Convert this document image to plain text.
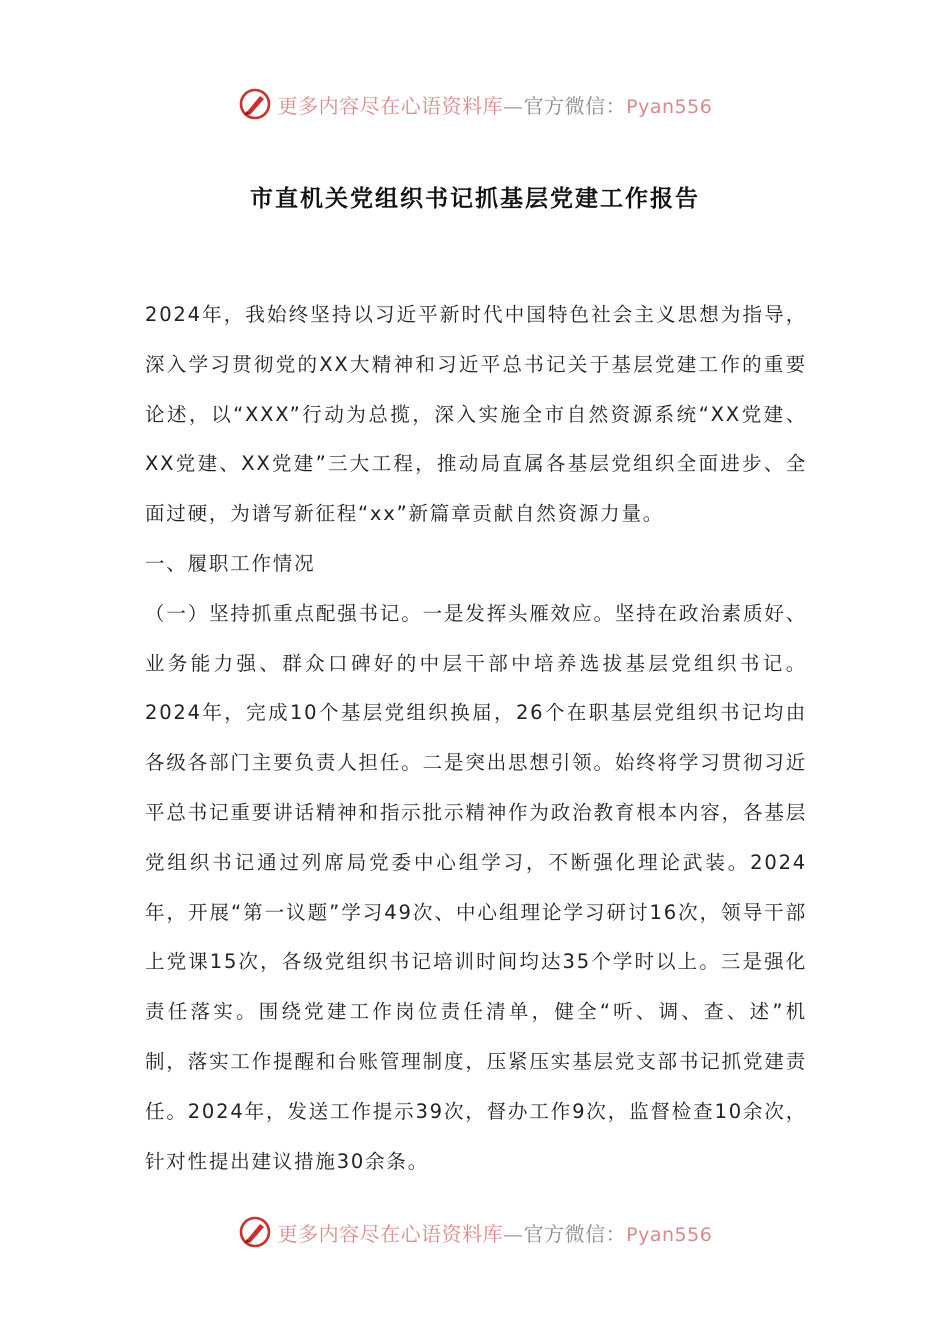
更多内容尽在心语资料库—官方微信：Pyan556
市直机关党组织书记抓基层党建工作报告

2024年，我始终坚持以习近平新时代中国特色社会主义思想为指导，深入学习贯彻党的XX大精神和习近平总书记关于基层党建工作的重要论述，以“XXX”行动为总揽，深入实施全市自然资源系统“XX党建、XX党建、XX党建”三大工程，推动局直属各基层党组织全面进步、全面过硬，为谱写新征程“xx”新篇章贡献自然资源力量。

一、履职工作情况

（一）坚持抓重点配强书记。一是发挥头雁效应。坚持在政治素质好、业务能力强、群众口碑好的中层干部中培养选拔基层党组织书记。2024年，完成10个基层党组织换届，26个在职基层党组织书记均由各级各部门主要负责人担任。二是突出思想引领。始终将学习贯彻习近平总书记重要讲话精神和指示批示精神作为政治教育根本内容，各基层党组织书记通过列席局党委中心组学习，不断强化理论武装。2024年，开展“第一议题”学习49次、中心组理论学习研讨16次，领导干部上党课15次，各级党组织书记培训时间均达35个学时以上。三是强化责任落实。围绕党建工作岗位责任清单，健全“听、调、查、述”机制，落实工作提醒和台账管理制度，压紧压实基层党支部书记抓党建责任。2024年，发送工作提示39次，督办工作9次，监督检查10余次，针对性提出建议措施30余条。

更多内容尽在心语资料库—官方微信：Pyan556
